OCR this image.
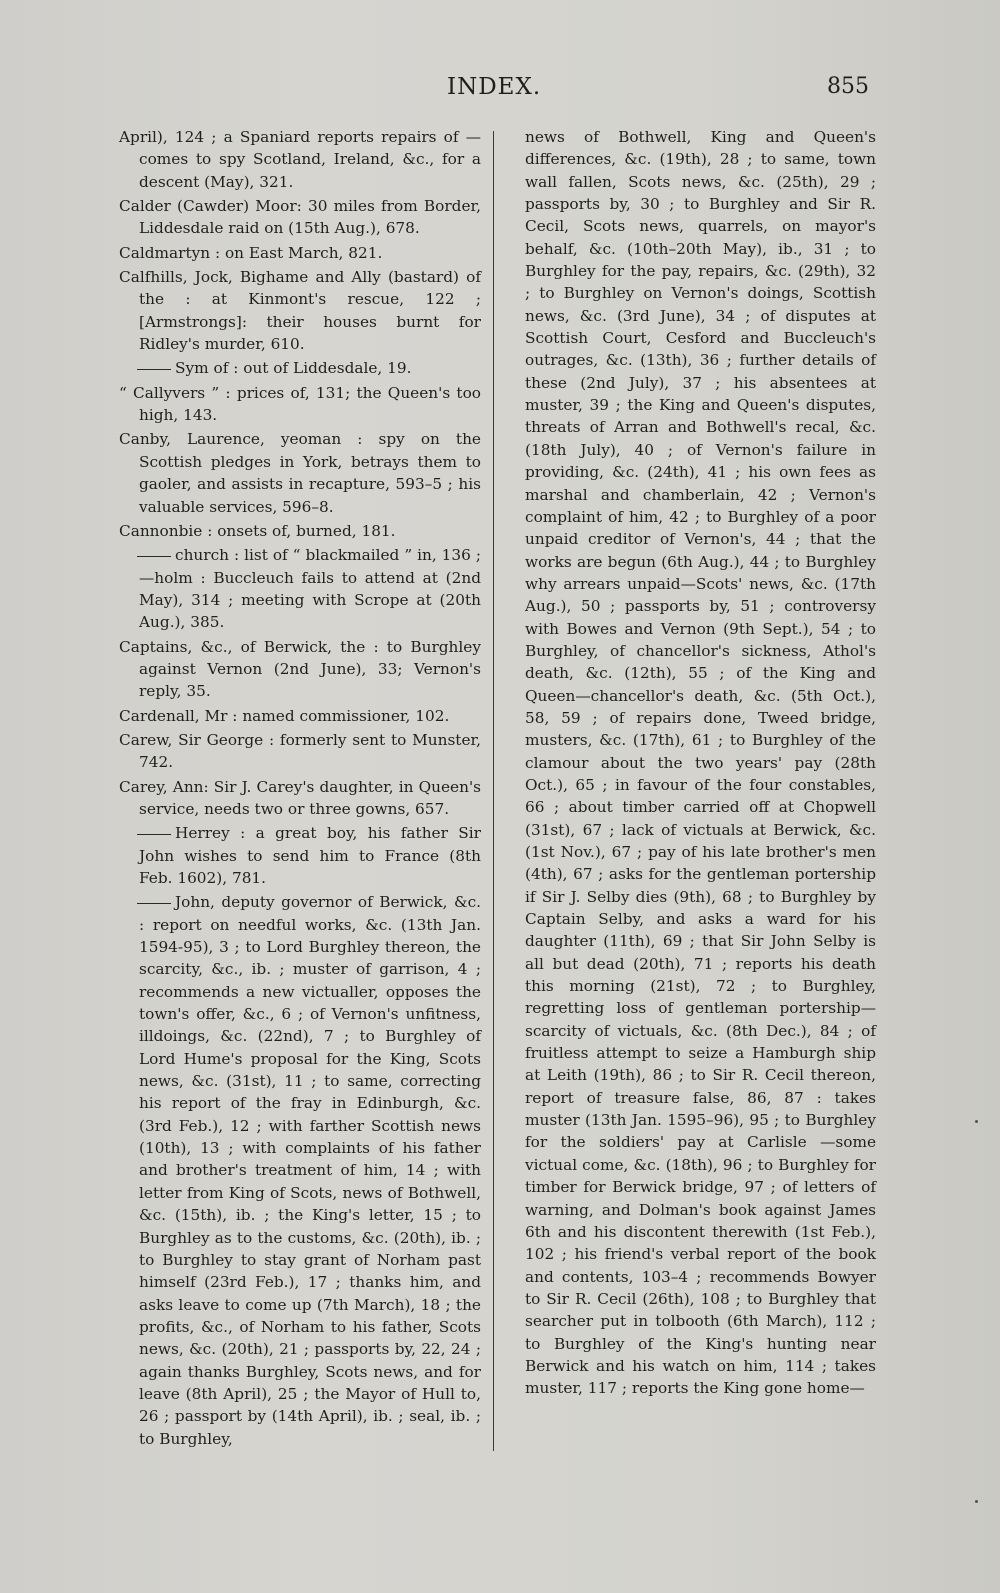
INDEX.	855

April), 124 ; a Spaniard reports repairs of —comes to spy Scotland, Ireland, &c., for a descent (May), 321.

Calder (Cawder) Moor: 30 miles from Border, Liddesdale raid on (15th Aug.), 678.

Caldmartyn : on East March, 821.

Calfhills, Jock, Bighame and Ally (bastard) of the : at Kinmont's rescue, 122 ; [Armstrongs]: their houses burnt for Ridley's murder, 610.

Sym of : out of Liddesdale, 19.

“ Callyvers ” : prices of, 131; the Queen's too high, 143.

Canby, Laurence, yeoman : spy on the Scottish pledges in York, betrays them to gaoler, and assists in recapture, 593–5 ; his valuable services, 596–8.

Cannonbie : onsets of, burned, 181.

church : list of “ blackmailed ” in, 136 ; —holm : Buccleuch fails to attend at (2nd May), 314 ; meeting with Scrope at (20th Aug.), 385.

Captains, &c., of Berwick, the : to Burghley against Vernon (2nd June), 33; Vernon's reply, 35.

Cardenall, Mr : named commissioner, 102.

Carew, Sir George : formerly sent to Munster, 742.

Carey, Ann: Sir J. Carey's daughter, in Queen's service, needs two or three gowns, 657.

Herrey : a great boy, his father Sir John wishes to send him to France (8th Feb. 1602), 781.

John, deputy governor of Berwick, &c. : report on needful works, &c. (13th Jan. 1594-95), 3 ; to Lord Burghley thereon, the scarcity, &c., ib. ; muster of garrison, 4 ; recommends a new victualler, opposes the town's offer, &c., 6 ; of Vernon's unfitness, illdoings, &c. (22nd), 7 ; to Burghley of Lord Hume's proposal for the King, Scots news, &c. (31st), 11 ; to same, correcting his report of the fray in Edinburgh, &c. (3rd Feb.), 12 ; with farther Scottish news (10th), 13 ; with complaints of his father and brother's treatment of him, 14 ; with letter from King of Scots, news of Bothwell, &c. (15th), ib. ; the King's letter, 15 ; to Burghley as to the customs, &c. (20th), ib. ; to Burghley to stay grant of Norham past himself (23rd Feb.), 17 ; thanks him, and asks leave to come up (7th March), 18 ; the profits, &c., of Norham to his father, Scots news, &c. (20th), 21 ; passports by, 22, 24 ; again thanks Burghley, Scots news, and for leave (8th April), 25 ; the Mayor of Hull to, 26 ; passport by (14th April), ib. ; seal, ib. ; to Burghley,

news of Bothwell, King and Queen's differences, &c. (19th), 28 ; to same, town wall fallen, Scots news, &c. (25th), 29 ; passports by, 30 ; to Burghley and Sir R. Cecil, Scots news, quarrels, on mayor's behalf, &c. (10th–20th May), ib., 31 ; to Burghley for the pay, repairs, &c. (29th), 32 ; to Burghley on Vernon's doings, Scottish news, &c. (3rd June), 34 ; of disputes at Scottish Court, Cesford and Buccleuch's outrages, &c. (13th), 36 ; further details of these (2nd July), 37 ; his absentees at muster, 39 ; the King and Queen's disputes, threats of Arran and Bothwell's recal, &c. (18th July), 40 ; of Vernon's failure in providing, &c. (24th), 41 ; his own fees as marshal and chamberlain, 42 ; Vernon's complaint of him, 42 ; to Burghley of a poor unpaid creditor of Vernon's, 44 ; that the works are begun (6th Aug.), 44 ; to Burghley why arrears unpaid—Scots' news, &c. (17th Aug.), 50 ; passports by, 51 ; controversy with Bowes and Vernon (9th Sept.), 54 ; to Burghley, of chancellor's sickness, Athol's death, &c. (12th), 55 ; of the King and Queen—chancellor's death, &c. (5th Oct.), 58, 59 ; of repairs done, Tweed bridge, musters, &c. (17th), 61 ; to Burghley of the clamour about the two years' pay (28th Oct.), 65 ; in favour of the four constables, 66 ; about timber carried off at Chopwell (31st), 67 ; lack of victuals at Berwick, &c. (1st Nov.), 67 ; pay of his late brother's men (4th), 67 ; asks for the gentleman portership if Sir J. Selby dies (9th), 68 ; to Burghley by Captain Selby, and asks a ward for his daughter (11th), 69 ; that Sir John Selby is all but dead (20th), 71 ; reports his death this morning (21st), 72 ; to Burghley, regretting loss of gentleman portership—scarcity of victuals, &c. (8th Dec.), 84 ; of fruitless attempt to seize a Hamburgh ship at Leith (19th), 86 ; to Sir R. Cecil thereon, report of treasure false, 86, 87 : takes muster (13th Jan. 1595–96), 95 ; to Burghley for the soldiers' pay at Carlisle —some victual come, &c. (18th), 96 ; to Burghley for timber for Berwick bridge, 97 ; of letters of warning, and Dolman's book against James 6th and his discontent therewith (1st Feb.), 102 ; his friend's verbal report of the book and contents, 103–4 ; recommends Bowyer to Sir R. Cecil (26th), 108 ; to Burghley that searcher put in tolbooth (6th March), 112 ; to Burghley of the King's hunting near Berwick and his watch on him, 114 ; takes muster, 117 ; reports the King gone home—
